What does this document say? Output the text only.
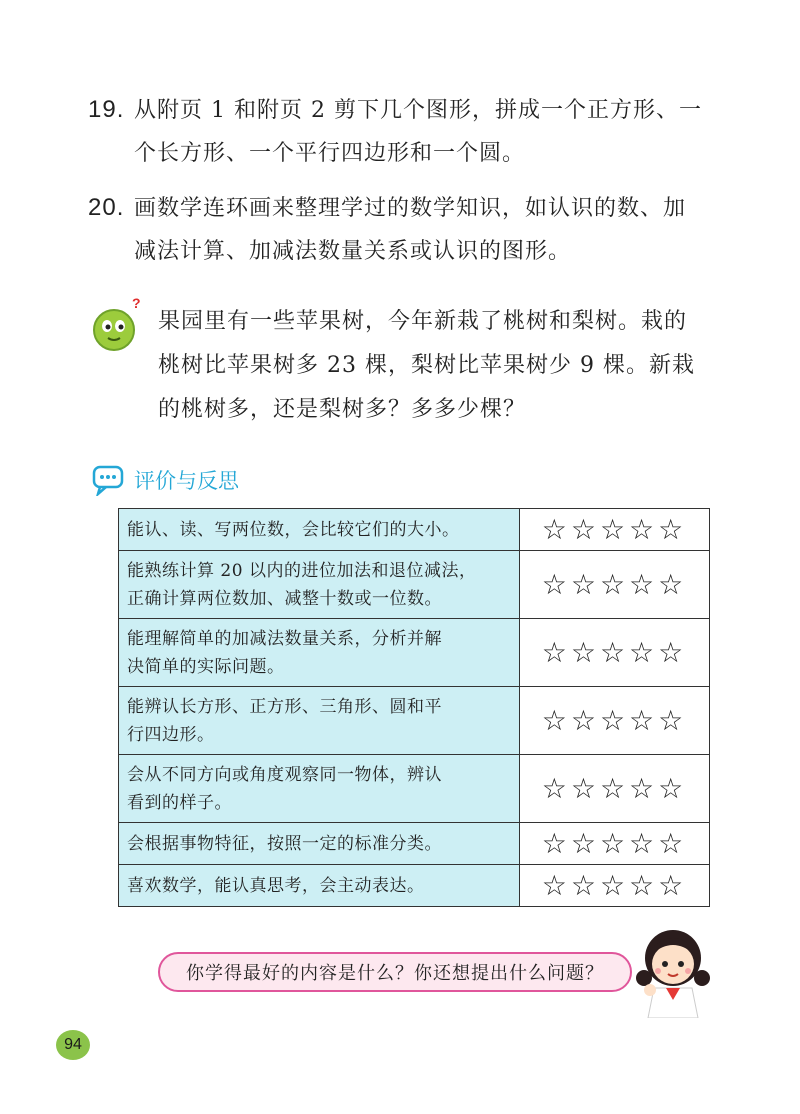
19. 从附页 1 和附页 2 剪下几个图形，拼成一个正方形、一
个长方形、一个平行四边形和一个圆。
20. 画数学连环画来整理学过的数学知识，如认识的数、加
减法计算、加减法数量关系或认识的图形。
?
果园里有一些苹果树，今年新栽了桃树和梨树。栽的
桃树比苹果树多 23 棵，梨树比苹果树少 9 棵。新栽
的桃树多，还是梨树多？多多少棵？
评价与反思
能认、读、写两位数，会比较它们的大小。	☆☆☆☆☆

能熟练计算 20 以内的进位加法和退位减法，
正确计算两位数加、减整十数或一位数。	☆☆☆☆☆

能理解简单的加减法数量关系，分析并解
决简单的实际问题。	☆☆☆☆☆

能辨认长方形、正方形、三角形、圆和平
行四边形。	☆☆☆☆☆

会从不同方向或角度观察同一物体，辨认
看到的样子。	☆☆☆☆☆
会根据事物特征，按照一定的标准分类。	☆☆☆☆☆
喜欢数学，能认真思考，会主动表达。	☆☆☆☆☆
你学得最好的内容是什么？你还想提出什么问题？
94
